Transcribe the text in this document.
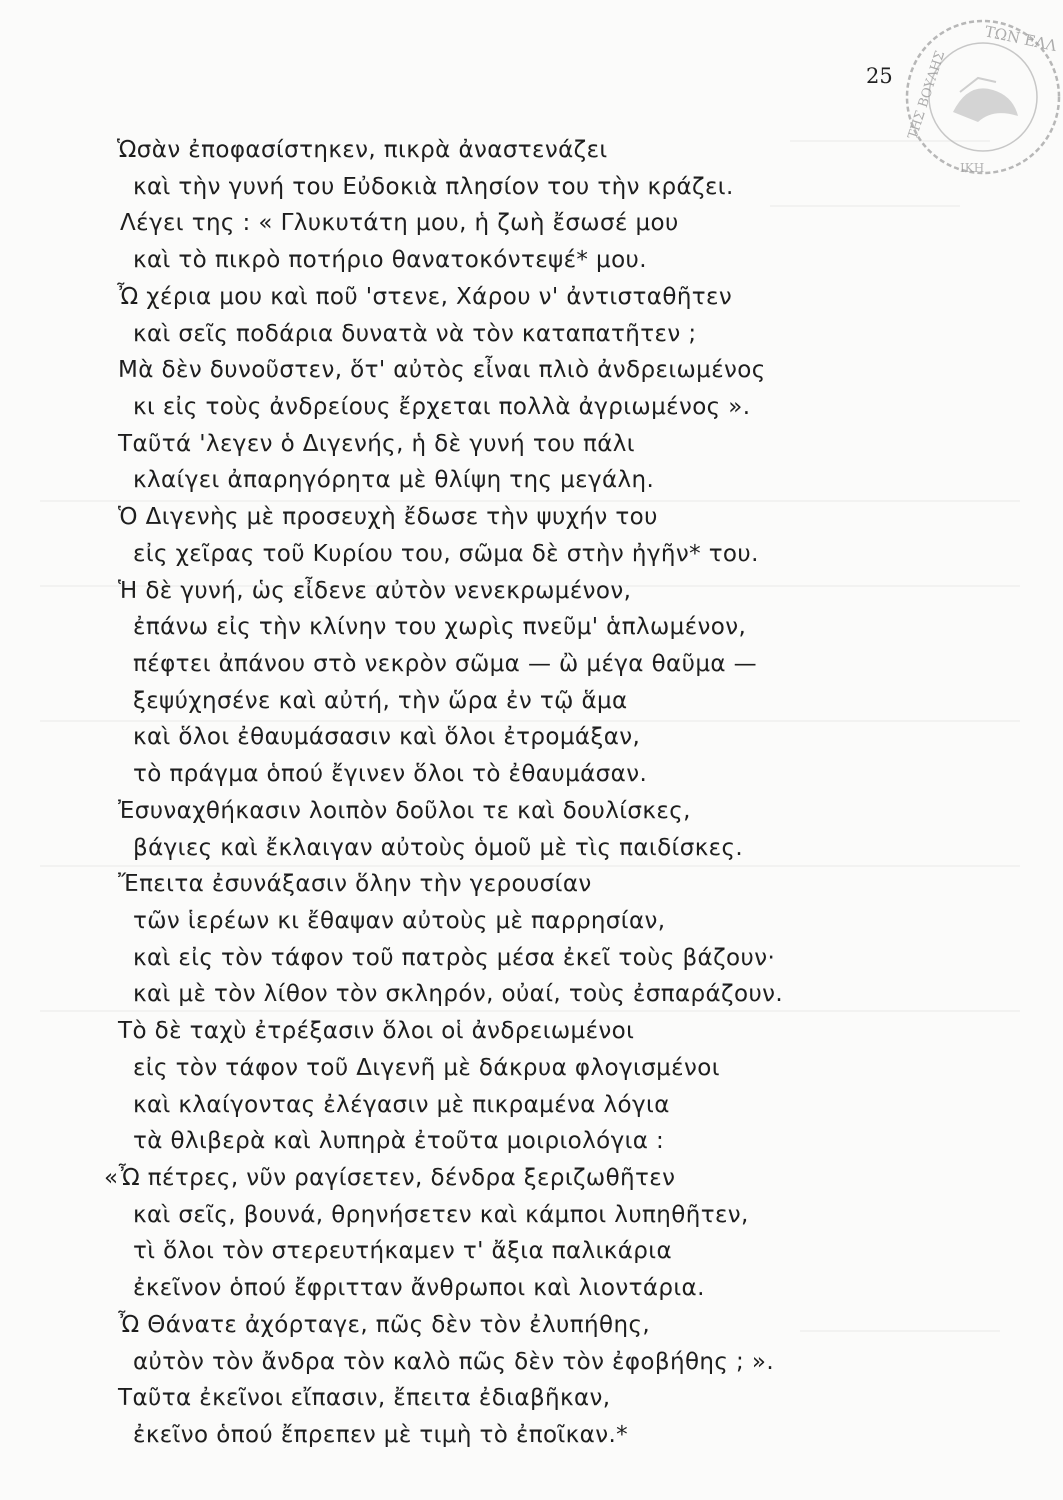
25

ΤΩΝ ΕΛΛ
ΤΗΣ ΒΟΥΛΗΣ
ΙΚΗ
Ὡσὰν ἐποφασίστηκεν, πικρὰ ἀναστενάζει
καὶ τὴν γυνή του Εὐδοκιὰ πλησίον του τὴν κράζει.
Λέγει της : « Γλυκυτάτη μου, ἡ ζωὴ ἔσωσέ μου
καὶ τὸ πικρὸ ποτήριο θανατοκόντεψέ* μου.
Ὦ χέρια μου καὶ ποῦ 'στενε, Χάρου ν' ἀντισταθῆτεν
καὶ σεῖς ποδάρια δυνατὰ νὰ τὸν καταπατῆτεν ;
Μὰ δὲν δυνοῦστεν, ὅτ' αὐτὸς εἶναι πλιὸ ἀνδρειωμένος
κι εἰς τοὺς ἀνδρείους ἔρχεται πολλὰ ἀγριωμένος ».
Ταῦτά 'λεγεν ὁ Διγενής, ἡ δὲ γυνή του πάλι
κλαίγει ἀπαρηγόρητα μὲ θλίψη της μεγάλη.
Ὁ Διγενὴς μὲ προσευχὴ ἔδωσε τὴν ψυχήν του
εἰς χεῖρας τοῦ Κυρίου του, σῶμα δὲ στὴν ἠγῆν* του.
Ἡ δὲ γυνή, ὡς εἶδενε αὐτὸν νενεκρωμένον,
ἐπάνω εἰς τὴν κλίνην του χωρὶς πνεῦμ' ἁπλωμένον,
πέφτει ἀπάνου στὸ νεκρὸν σῶμα — ὢ μέγα θαῦμα —
ξεψύχησένε καὶ αὐτή, τὴν ὥρα ἐν τῷ ἅμα
καὶ ὅλοι ἐθαυμάσασιν καὶ ὅλοι ἐτρομάξαν,
τὸ πράγμα ὁπού ἔγινεν ὅλοι τὸ ἐθαυμάσαν.
Ἐσυναχθήκασιν λοιπὸν δοῦλοι τε καὶ δουλίσκες,
βάγιες καὶ ἔκλαιγαν αὐτοὺς ὁμοῦ μὲ τὶς παιδίσκες.
Ἔπειτα ἐσυνάξασιν ὅλην τὴν γερουσίαν
τῶν ἱερέων κι ἔθαψαν αὐτοὺς μὲ παρρησίαν,
καὶ εἰς τὸν τάφον τοῦ πατρὸς μέσα ἐκεῖ τοὺς βάζουν·
καὶ μὲ τὸν λίθον τὸν σκληρόν, οὐαί, τοὺς ἐσπαράζουν.
Τὸ δὲ ταχὺ ἐτρέξασιν ὅλοι οἱ ἀνδρειωμένοι
εἰς τὸν τάφον τοῦ Διγενῆ μὲ δάκρυα φλογισμένοι
καὶ κλαίγοντας ἐλέγασιν μὲ πικραμένα λόγια
τὰ θλιβερὰ καὶ λυπηρὰ ἐτοῦτα μοιριολόγια :
«Ὦ πέτρες, νῦν ραγίσετεν, δένδρα ξεριζωθῆτεν
καὶ σεῖς, βουνά, θρηνήσετεν καὶ κάμποι λυπηθῆτεν,
τὶ ὅλοι τὸν στερευτήκαμεν τ' ἄξια παλικάρια
ἐκεῖνον ὁπού ἔφριτταν ἄνθρωποι καὶ λιοντάρια.
Ὦ Θάνατε ἀχόρταγε, πῶς δὲν τὸν ἐλυπήθης,
αὐτὸν τὸν ἄνδρα τὸν καλὸ πῶς δὲν τὸν ἐφοβήθης ; ».
Ταῦτα ἐκεῖνοι εἴπασιν, ἔπειτα ἐδιαβῆκαν,
ἐκεῖνο ὁπού ἔπρεπεν μὲ τιμὴ τὸ ἐποῖκαν.*
